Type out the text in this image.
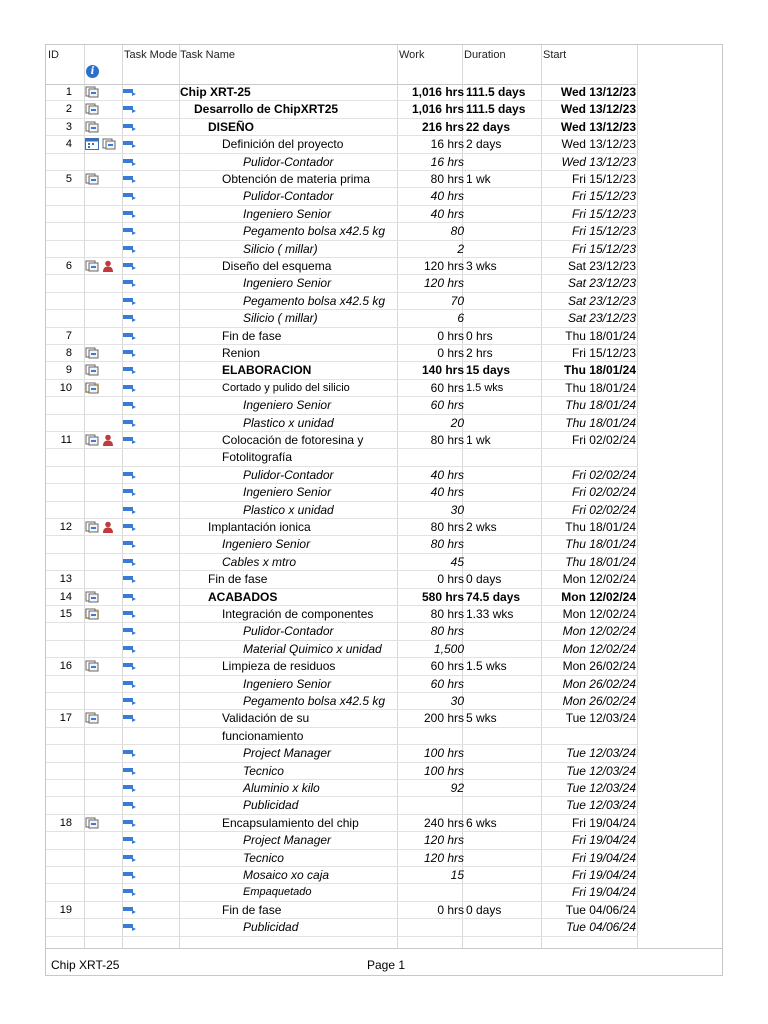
ID
i
Task Mode Task Name	Work	Duration	Start
1	Chip XRT-25	1,016 hrs 111.5 days	Wed 13/12/23
2	Desarrollo de ChipXRT25	1,016 hrs 111.5 days	Wed 13/12/23
3	DISEÑO	216 hrs 22 days	Wed 13/12/23
4	Definición del proyecto	16 hrs 2 days	Wed 13/12/23
Pulidor-Contador	16 hrs	Wed 13/12/23
5	Obtención de materia prima	80 hrs 1 wk	Fri 15/12/23
Pulidor-Contador	40 hrs	Fri 15/12/23
Ingeniero Senior	40 hrs	Fri 15/12/23
Pegamento bolsa x42.5 kg	80	Fri 15/12/23
Silicio ( millar)	2	Fri 15/12/23
6	Diseño del esquema	120 hrs 3 wks	Sat 23/12/23
Ingeniero Senior	120 hrs	Sat 23/12/23
Pegamento bolsa x42.5 kg	70	Sat 23/12/23
Silicio ( millar)	6	Sat 23/12/23
7	Fin de fase	0 hrs 0 hrs	Thu 18/01/24
8	Renion	0 hrs 2 hrs	Fri 15/12/23
9	ELABORACION	140 hrs 15 days	Thu 18/01/24
10	Cortado y pulido del silicio	60 hrs 1.5 wks	Thu 18/01/24
Ingeniero Senior	60 hrs	Thu 18/01/24
Plastico x unidad	20	Thu 18/01/24
11	Colocación de fotoresina y	80 hrs 1 wk	Fri 02/02/24
Fotolitografía
Pulidor-Contador	40 hrs	Fri 02/02/24
Ingeniero Senior	40 hrs	Fri 02/02/24
Plastico x unidad	30	Fri 02/02/24
12	Implantación ionica	80 hrs 2 wks	Thu 18/01/24
Ingeniero Senior	80 hrs	Thu 18/01/24
Cables x mtro	45	Thu 18/01/24
13	Fin de fase	0 hrs 0 days	Mon 12/02/24
14	ACABADOS	580 hrs 74.5 days	Mon 12/02/24
15	Integración de componentes	80 hrs 1.33 wks	Mon 12/02/24
Pulidor-Contador	80 hrs	Mon 12/02/24
Material Quimico x unidad	1,500	Mon 12/02/24
16	Limpieza de residuos	60 hrs 1.5 wks	Mon 26/02/24
Ingeniero Senior	60 hrs	Mon 26/02/24
Pegamento bolsa x42.5 kg	30	Mon 26/02/24
17	Validación de su	200 hrs 5 wks	Tue 12/03/24
funcionamiento
Project Manager	100 hrs	Tue 12/03/24
Tecnico	100 hrs	Tue 12/03/24
Aluminio x kilo	92	Tue 12/03/24
Publicidad	Tue 12/03/24
18	Encapsulamiento del chip	240 hrs 6 wks	Fri 19/04/24
Project Manager	120 hrs	Fri 19/04/24
Tecnico	120 hrs	Fri 19/04/24
Mosaico xo caja	15	Fri 19/04/24
Empaquetado	Fri 19/04/24
19	Fin de fase	0 hrs 0 days	Tue 04/06/24
Publicidad	Tue 04/06/24
Chip XRT-25	Page 1
